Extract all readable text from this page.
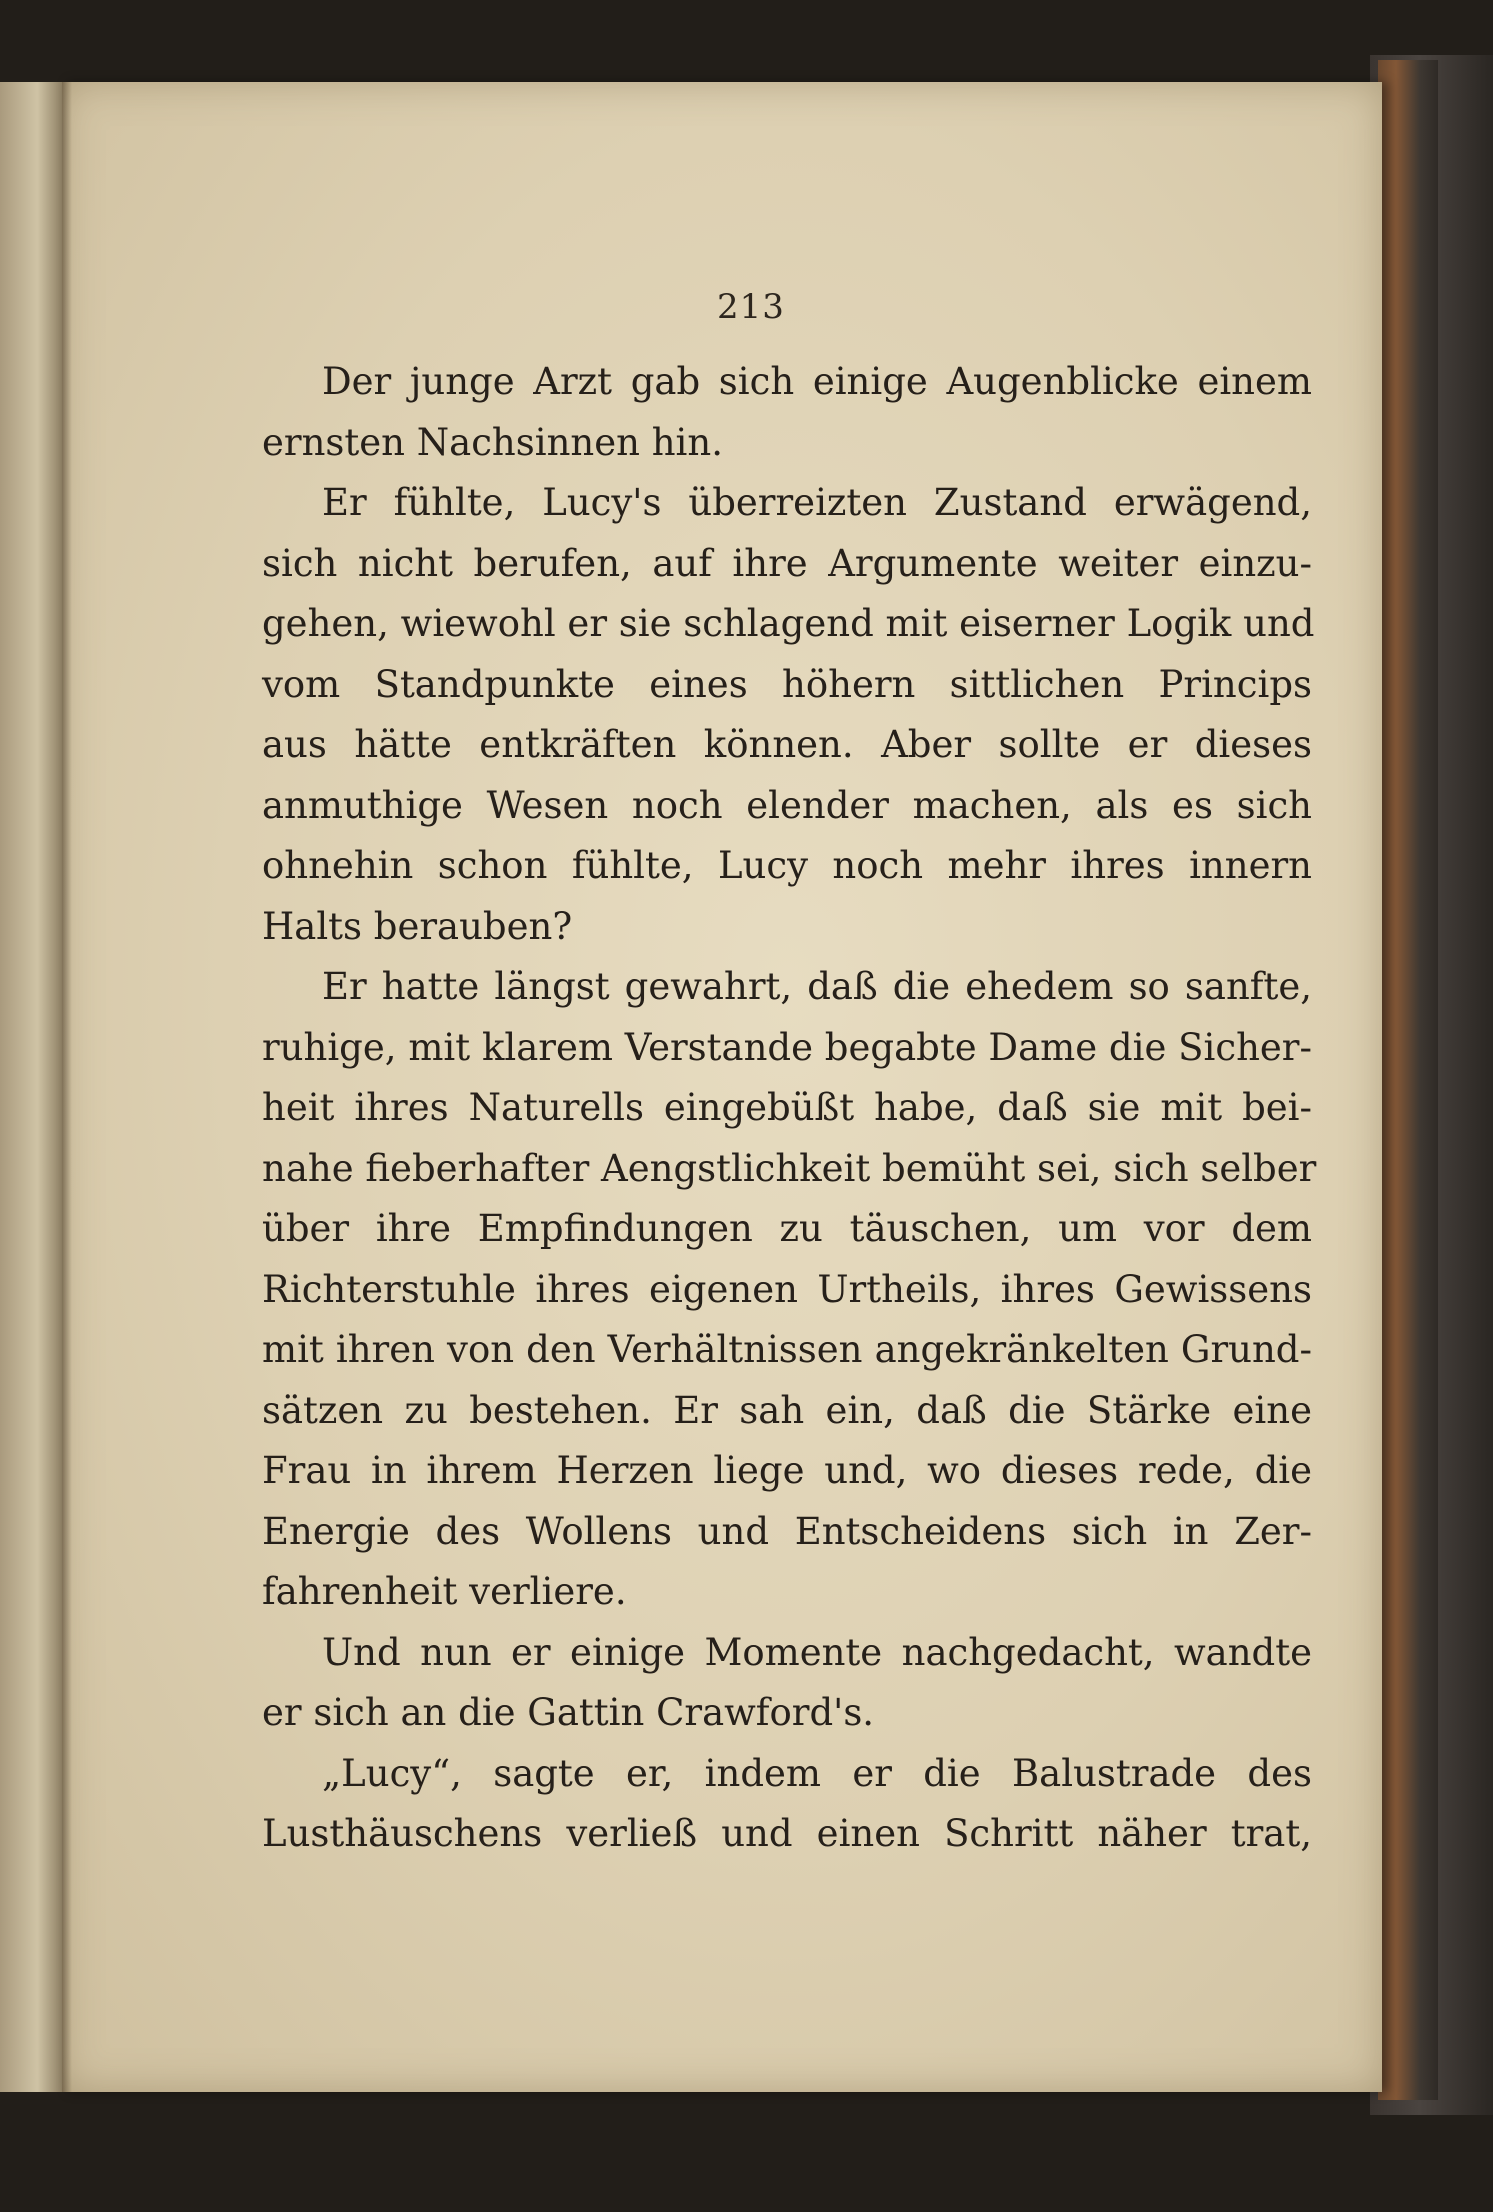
213
Der junge Arzt gab sich einige Augenblicke einem
ernsten Nachsinnen hin.
Er fühlte, Lucy's überreizten Zustand erwägend,
sich nicht berufen, auf ihre Argumente weiter einzu-
gehen, wiewohl er sie schlagend mit eiserner Logik und
vom Standpunkte eines höhern sittlichen Princips
aus hätte entkräften können. Aber sollte er dieses
anmuthige Wesen noch elender machen, als es sich
ohnehin schon fühlte, Lucy noch mehr ihres innern
Halts berauben?
Er hatte längst gewahrt, daß die ehedem so sanfte,
ruhige, mit klarem Verstande begabte Dame die Sicher-
heit ihres Naturells eingebüßt habe, daß sie mit bei-
nahe fieberhafter Aengstlichkeit bemüht sei, sich selber
über ihre Empfindungen zu täuschen, um vor dem
Richterstuhle ihres eigenen Urtheils, ihres Gewissens
mit ihren von den Verhältnissen angekränkelten Grund-
sätzen zu bestehen. Er sah ein, daß die Stärke eine
Frau in ihrem Herzen liege und, wo dieses rede, die
Energie des Wollens und Entscheidens sich in Zer-
fahrenheit verliere.
Und nun er einige Momente nachgedacht, wandte
er sich an die Gattin Crawford's.
„Lucy“, sagte er, indem er die Balustrade des
Lusthäuschens verließ und einen Schritt näher trat,
